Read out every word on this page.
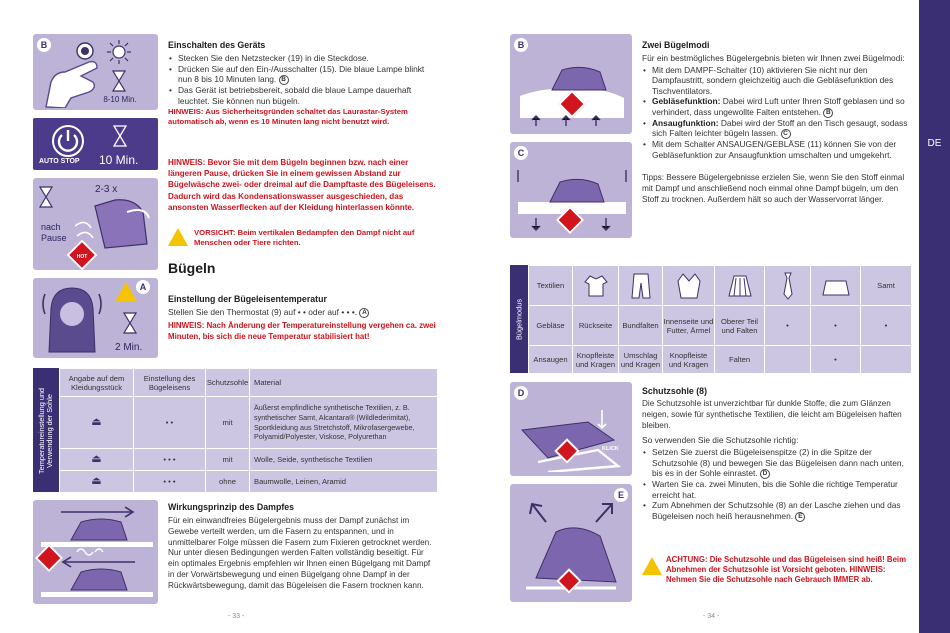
B
8-10 Min.
AUTO STOP 10 Min.
2-3 x
nach
Pause
HOT
A
2 Min.
Einschalten des Geräts
• Stecken Sie den Netzstecker (19) in die Steckdose.
• Drücken Sie auf den Ein-/Ausschalter (15). Die blaue Lampe blinkt nun 8 bis 10 Minuten lang. B
• Das Gerät ist betriebsbereit, sobald die blaue Lampe dauerhaft leuchtet. Sie können nun bügeln.
HINWEIS: Aus Sicherheitsgründen schaltet das Laurastar-System automatisch ab, wenn es 10 Minuten lang nicht benutzt wird.
HINWEIS: Bevor Sie mit dem Bügeln beginnen bzw. nach einer längeren Pause, drücken Sie in einem gewissen Abstand zur Bügelwäsche zwei- oder dreimal auf die Dampftaste des Bügeleisens. Dadurch wird das Kondensationswasser ausgeschieden, das ansonsten Wasserflecken auf der Kleidung hinterlassen könnte.
VORSICHT: Beim vertikalen Bedampfen den Dampf nicht auf Menschen oder Tiere richten.
Bügeln
Einstellung der Bügeleisentemperatur
Stellen Sie den Thermostat (9) auf • • oder auf • • •. A
HINWEIS: Nach Änderung der Temperatureinstellung vergehen ca. zwei Minuten, bis sich die neue Temperatur stabilisiert hat!
Temperatureinstellung und Verwendung der Sohle
Angabe auf dem Kleidungsstück	Einstellung des Bügeleisens	Schutzsohle	Material
⏏	• •	mit	Äußerst empfindliche synthetische Textilien, z. B. synthetischer Samt, Alcantara® (Wildlederimitat), Sportkleidung aus Stretchstoff, Mikrofasergewebe, Polyamid/Polyester, Viskose, Polyurethan
⏏	• • •	mit	Wolle, Seide, synthetische Textilien
⏏	• • •	ohne	Baumwolle, Leinen, Aramid
Wirkungsprinzip des Dampfes
Für ein einwandfreies Bügelergebnis muss der Dampf zunächst im Gewebe verteilt werden, um die Fasern zu entspannen, und in unmittelbarer Folge müssen die Fasern zum Fixieren getrocknet werden. Nur unter diesen Bedingungen werden Falten vollständig beseitigt. Für ein optimales Ergebnis empfehlen wir Ihnen einen Bügelgang mit Dampf in der Vorwärtsbewegung und einen Bügelgang ohne Dampf in der Rückwärtsbewegung, damit das Bügeleisen die Fasern trocknen kann.
- 33 -
B
C
Zwei Bügelmodi
Für ein bestmögliches Bügelergebnis bieten wir Ihnen zwei Bügelmodi:
• Mit dem DAMPF-Schalter (10) aktivieren Sie nicht nur den Dampfaustritt, sondern gleichzeitig auch die Gebläsefunktion des Tischventilators.
• Gebläsefunktion: Dabei wird Luft unter Ihren Stoff geblasen und so verhindert, dass ungewollte Falten entstehen. B
• Ansaugfunktion: Dabei wird der Stoff an den Tisch gesaugt, sodass sich Falten leichter bügeln lassen. C
• Mit dem Schalter ANSAUGEN/GEBLÄSE (11) können Sie von der Gebläsefunktion zur Ansaugfunktion umschalten und umgekehrt.
Tipps: Bessere Bügelergebnisse erzielen Sie, wenn Sie den Stoff einmal mit Dampf und anschließend noch einmal ohne Dampf bügeln, um den Stoff zu trocknen. Außerdem hält so auch der Wasservorrat länger.
Bügelmodus
Textilien							Samt
Gebläse	Rückseite	Bundfalten	Innenseite und Futter, Ärmel	Oberer Teil und Falten	•	•	•
Ansaugen	Knopfleiste und Kragen	Umschlag und Kragen	Knopfleiste und Kragen	Falten		•	
D
KLICK
E
Schutzsohle (8)
Die Schutzsohle ist unverzichtbar für dunkle Stoffe, die zum Glänzen neigen, sowie für synthetische Textilien, die leicht am Bügeleisen haften bleiben.
So verwenden Sie die Schutzsohle richtig:
• Setzen Sie zuerst die Bügeleisenspitze (2) in die Spitze der Schutzsohle (8) und bewegen Sie das Bügeleisen dann nach unten, bis es in der Sohle einrastet. D
• Warten Sie ca. zwei Minuten, bis die Sohle die richtige Temperatur erreicht hat.
• Zum Abnehmen der Schutzsohle (8) an der Lasche ziehen und das Bügeleisen noch heiß herausnehmen. E
ACHTUNG: Die Schutzsohle und das Bügeleisen sind heiß! Beim Abnehmen der Schutzsohle ist Vorsicht geboten. HINWEIS: Nehmen Sie die Schutzsohle nach Gebrauch IMMER ab.
- 34 -
DE
